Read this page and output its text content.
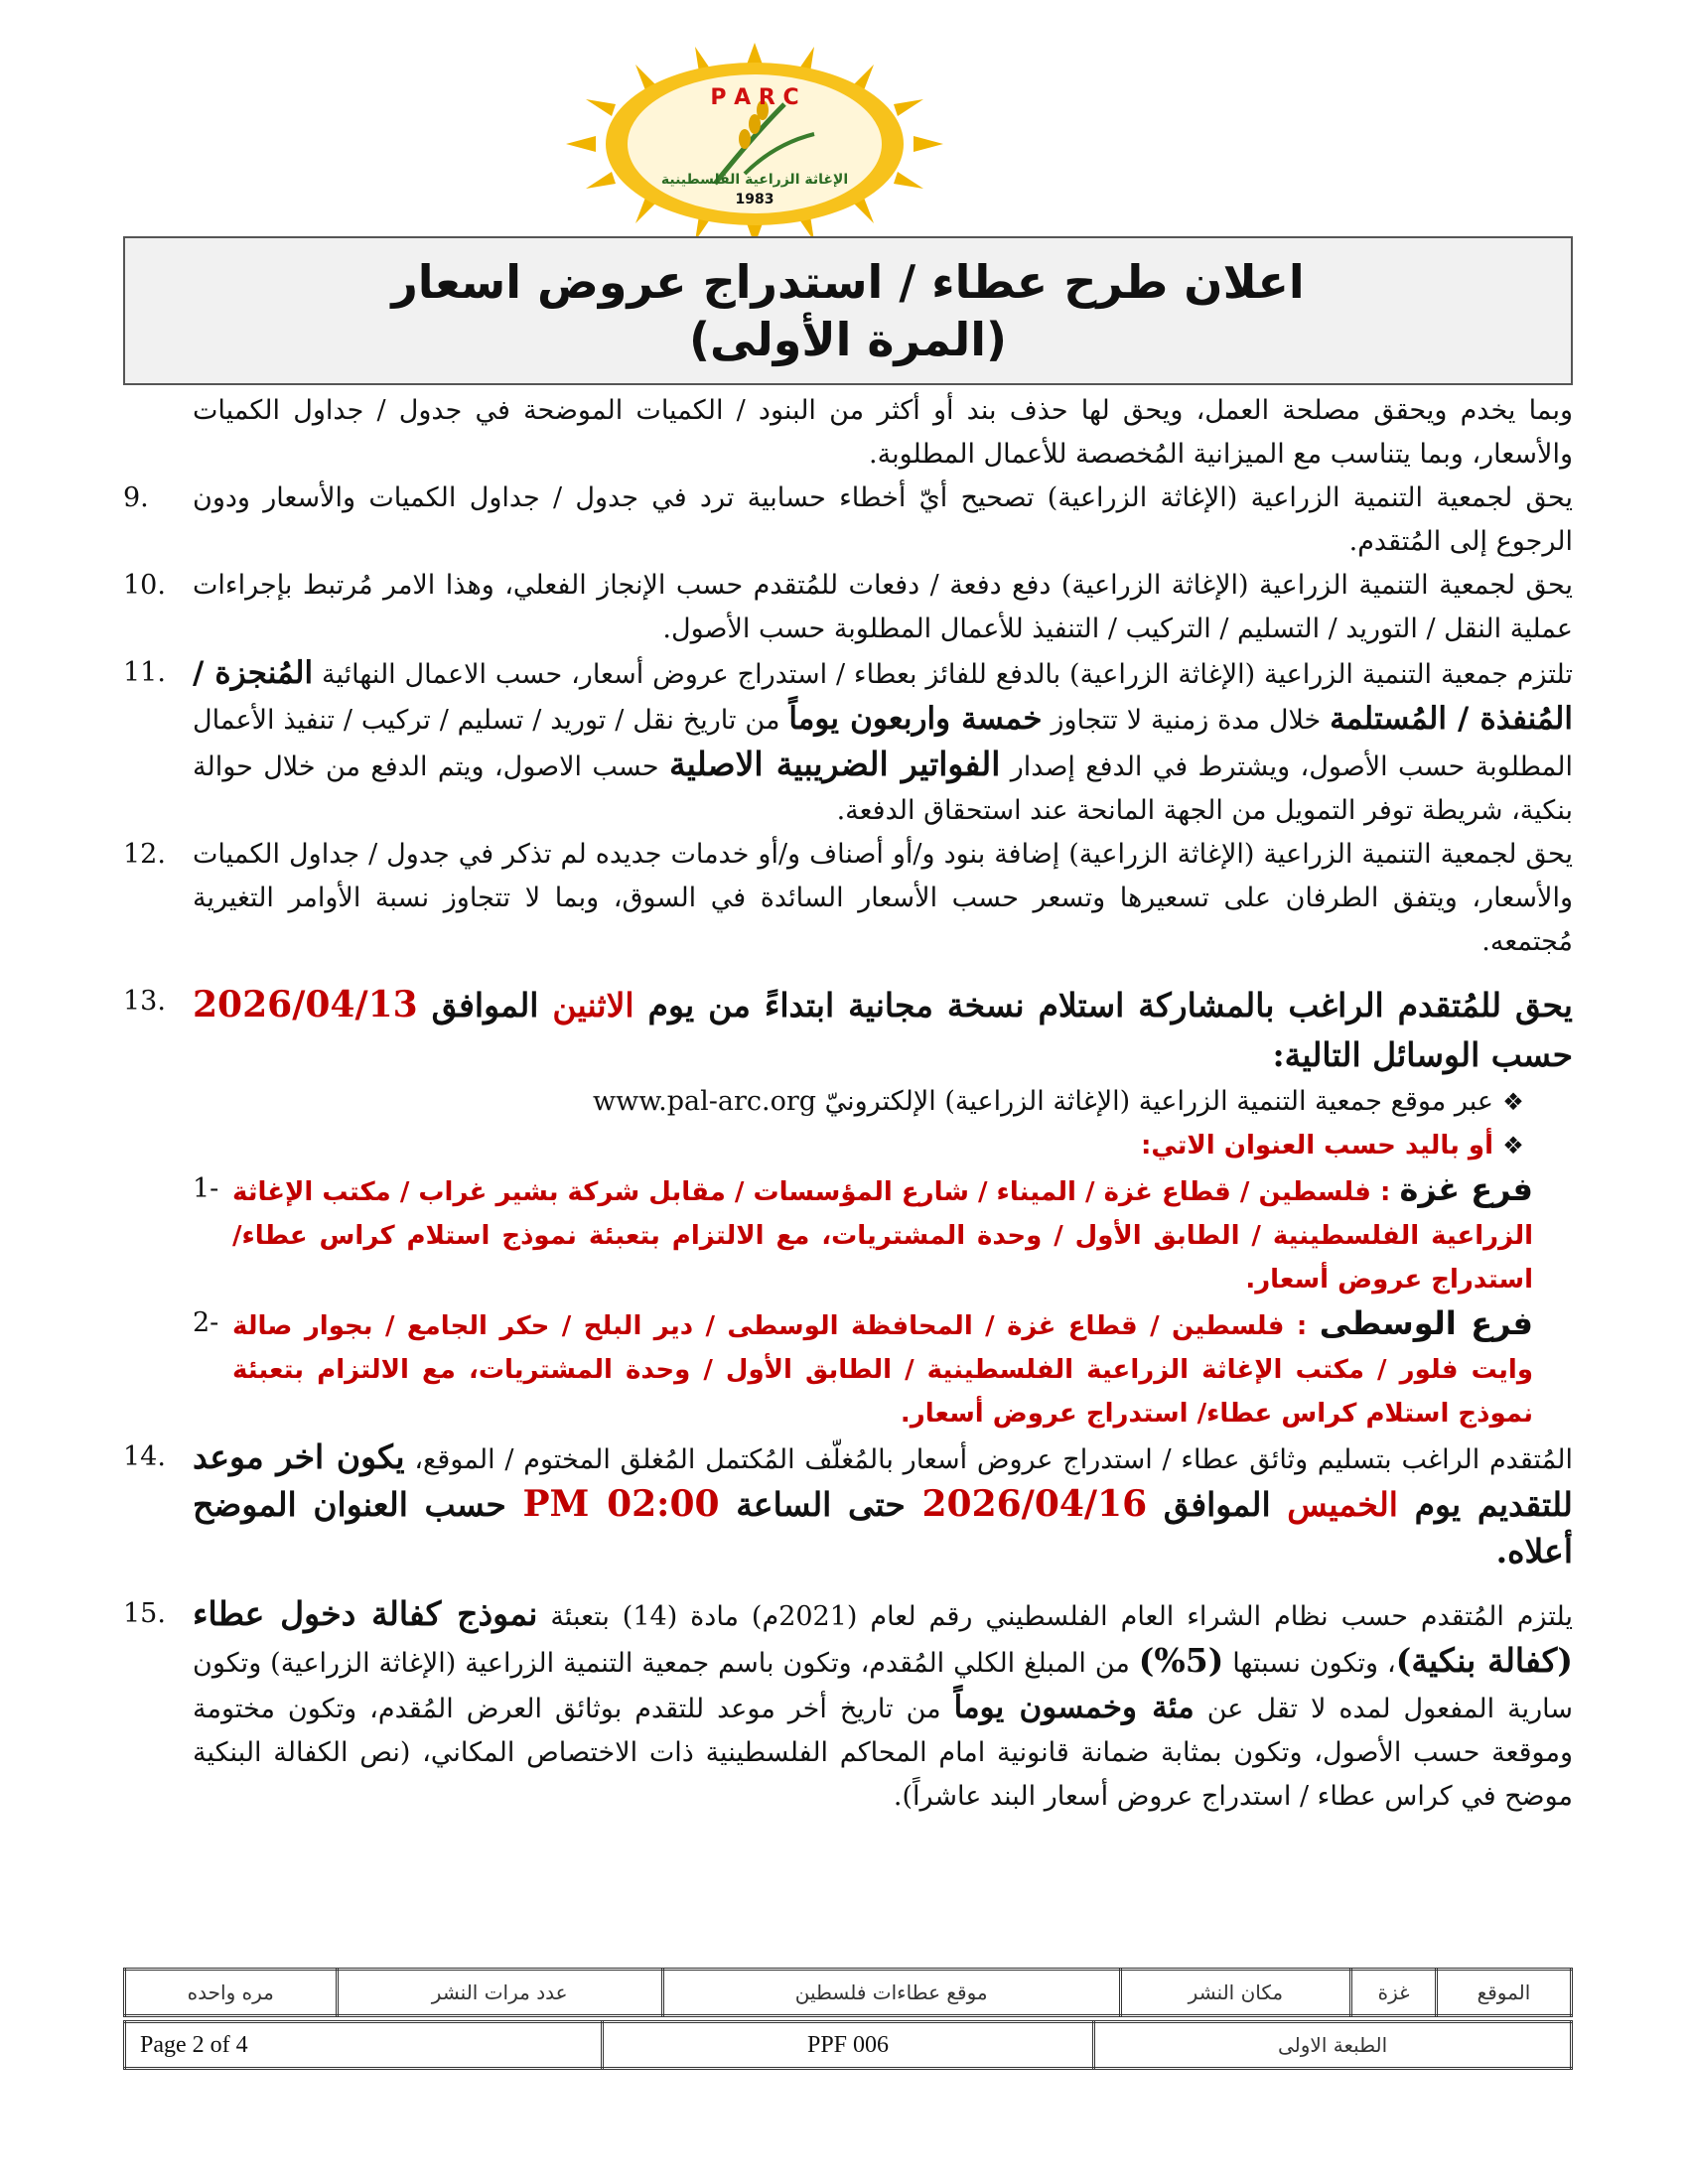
P A R C
الإغاثة الزراعية الفلسطينية
1983
اعلان طرح عطاء / استدراج عروض اسعار
(المرة الأولى)
وبما يخدم ويحقق مصلحة العمل، ويحق لها حذف بند أو أكثر من البنود / الكميات الموضحة في جدول / جداول الكميات والأسعار، وبما يتناسب مع الميزانية المُخصصة للأعمال المطلوبة.
يحق لجمعية التنمية الزراعية (الإغاثة الزراعية) تصحيح أيّ أخطاء حسابية ترد في جدول / جداول الكميات والأسعار ودون الرجوع إلى المُتقدم.
9.
يحق لجمعية التنمية الزراعية (الإغاثة الزراعية) دفع دفعة / دفعات للمُتقدم حسب الإنجاز الفعلي، وهذا الامر مُرتبط بإجراءات عملية النقل / التوريد / التسليم / التركيب / التنفيذ للأعمال المطلوبة حسب الأصول.
10.
تلتزم جمعية التنمية الزراعية (الإغاثة الزراعية) بالدفع للفائز بعطاء / استدراج عروض أسعار، حسب الاعمال النهائية المُنجزة / المُنفذة / المُستلمة خلال مدة زمنية لا تتجاوز خمسة واربعون يوماً من تاريخ نقل / توريد / تسليم / تركيب / تنفيذ الأعمال المطلوبة حسب الأصول، ويشترط في الدفع إصدار الفواتير الضريبية الاصلية حسب الاصول، ويتم الدفع من خلال حوالة بنكية، شريطة توفر التمويل من الجهة المانحة عند استحقاق الدفعة.
11.
يحق لجمعية التنمية الزراعية (الإغاثة الزراعية) إضافة بنود و/أو أصناف و/أو خدمات جديده لم تذكر في جدول / جداول الكميات والأسعار، ويتفق الطرفان على تسعيرها وتسعر حسب الأسعار السائدة في السوق، وبما لا تتجاوز نسبة الأوامر التغيرية مُجتمعه.
12.
يحق للمُتقدم الراغب بالمشاركة استلام نسخة مجانية ابتداءً من يوم الاثنين الموافق 2026/04/13 حسب الوسائل التالية:
❖
عبر موقع جمعية التنمية الزراعية (الإغاثة الزراعية) الإلكترونيّ www.pal-arc.org
❖
أو باليد حسب العنوان الاتي:
فرع غزة : فلسطين / قطاع غزة / الميناء / شارع المؤسسات / مقابل شركة بشير غراب / مكتب الإغاثة الزراعية الفلسطينية / الطابق الأول / وحدة المشتريات، مع الالتزام بتعبئة نموذج استلام كراس عطاء/ استدراج عروض أسعار.
1-
فرع الوسطى : فلسطين / قطاع غزة / المحافظة الوسطى / دير البلح / حكر الجامع / بجوار صالة وايت فلور / مكتب الإغاثة الزراعية الفلسطينية / الطابق الأول / وحدة المشتريات، مع الالتزام بتعبئة نموذج استلام كراس عطاء/ استدراج عروض أسعار.
2-
13.
المُتقدم الراغب بتسليم وثائق عطاء / استدراج عروض أسعار بالمُغلّف المُكتمل المُغلق المختوم / الموقع، يكون اخر موعد للتقديم يوم الخميس الموافق 2026/04/16 حتى الساعة 02:00 PM حسب العنوان الموضح أعلاه.
14.
يلتزم المُتقدم حسب نظام الشراء العام الفلسطيني رقم لعام (2021م) مادة (14) بتعبئة نموذج كفالة دخول عطاء (كفالة بنكية)، وتكون نسبتها (5%) من المبلغ الكلي المُقدم، وتكون باسم جمعية التنمية الزراعية (الإغاثة الزراعية) وتكون سارية المفعول لمده لا تقل عن مئة وخمسون يوماً من تاريخ أخر موعد للتقدم بوثائق العرض المُقدم، وتكون مختومة وموقعة حسب الأصول، وتكون بمثابة ضمانة قانونية امام المحاكم الفلسطينية ذات الاختصاص المكاني، (نص الكفالة البنكية موضح في كراس عطاء / استدراج عروض أسعار البند عاشراً).
15.
الموقع	غزة	مكان النشر	موقع عطاءات فلسطين	عدد مرات النشر	مره واحده
الطبعة الاولى	PPF 006	Page 2 of 4
